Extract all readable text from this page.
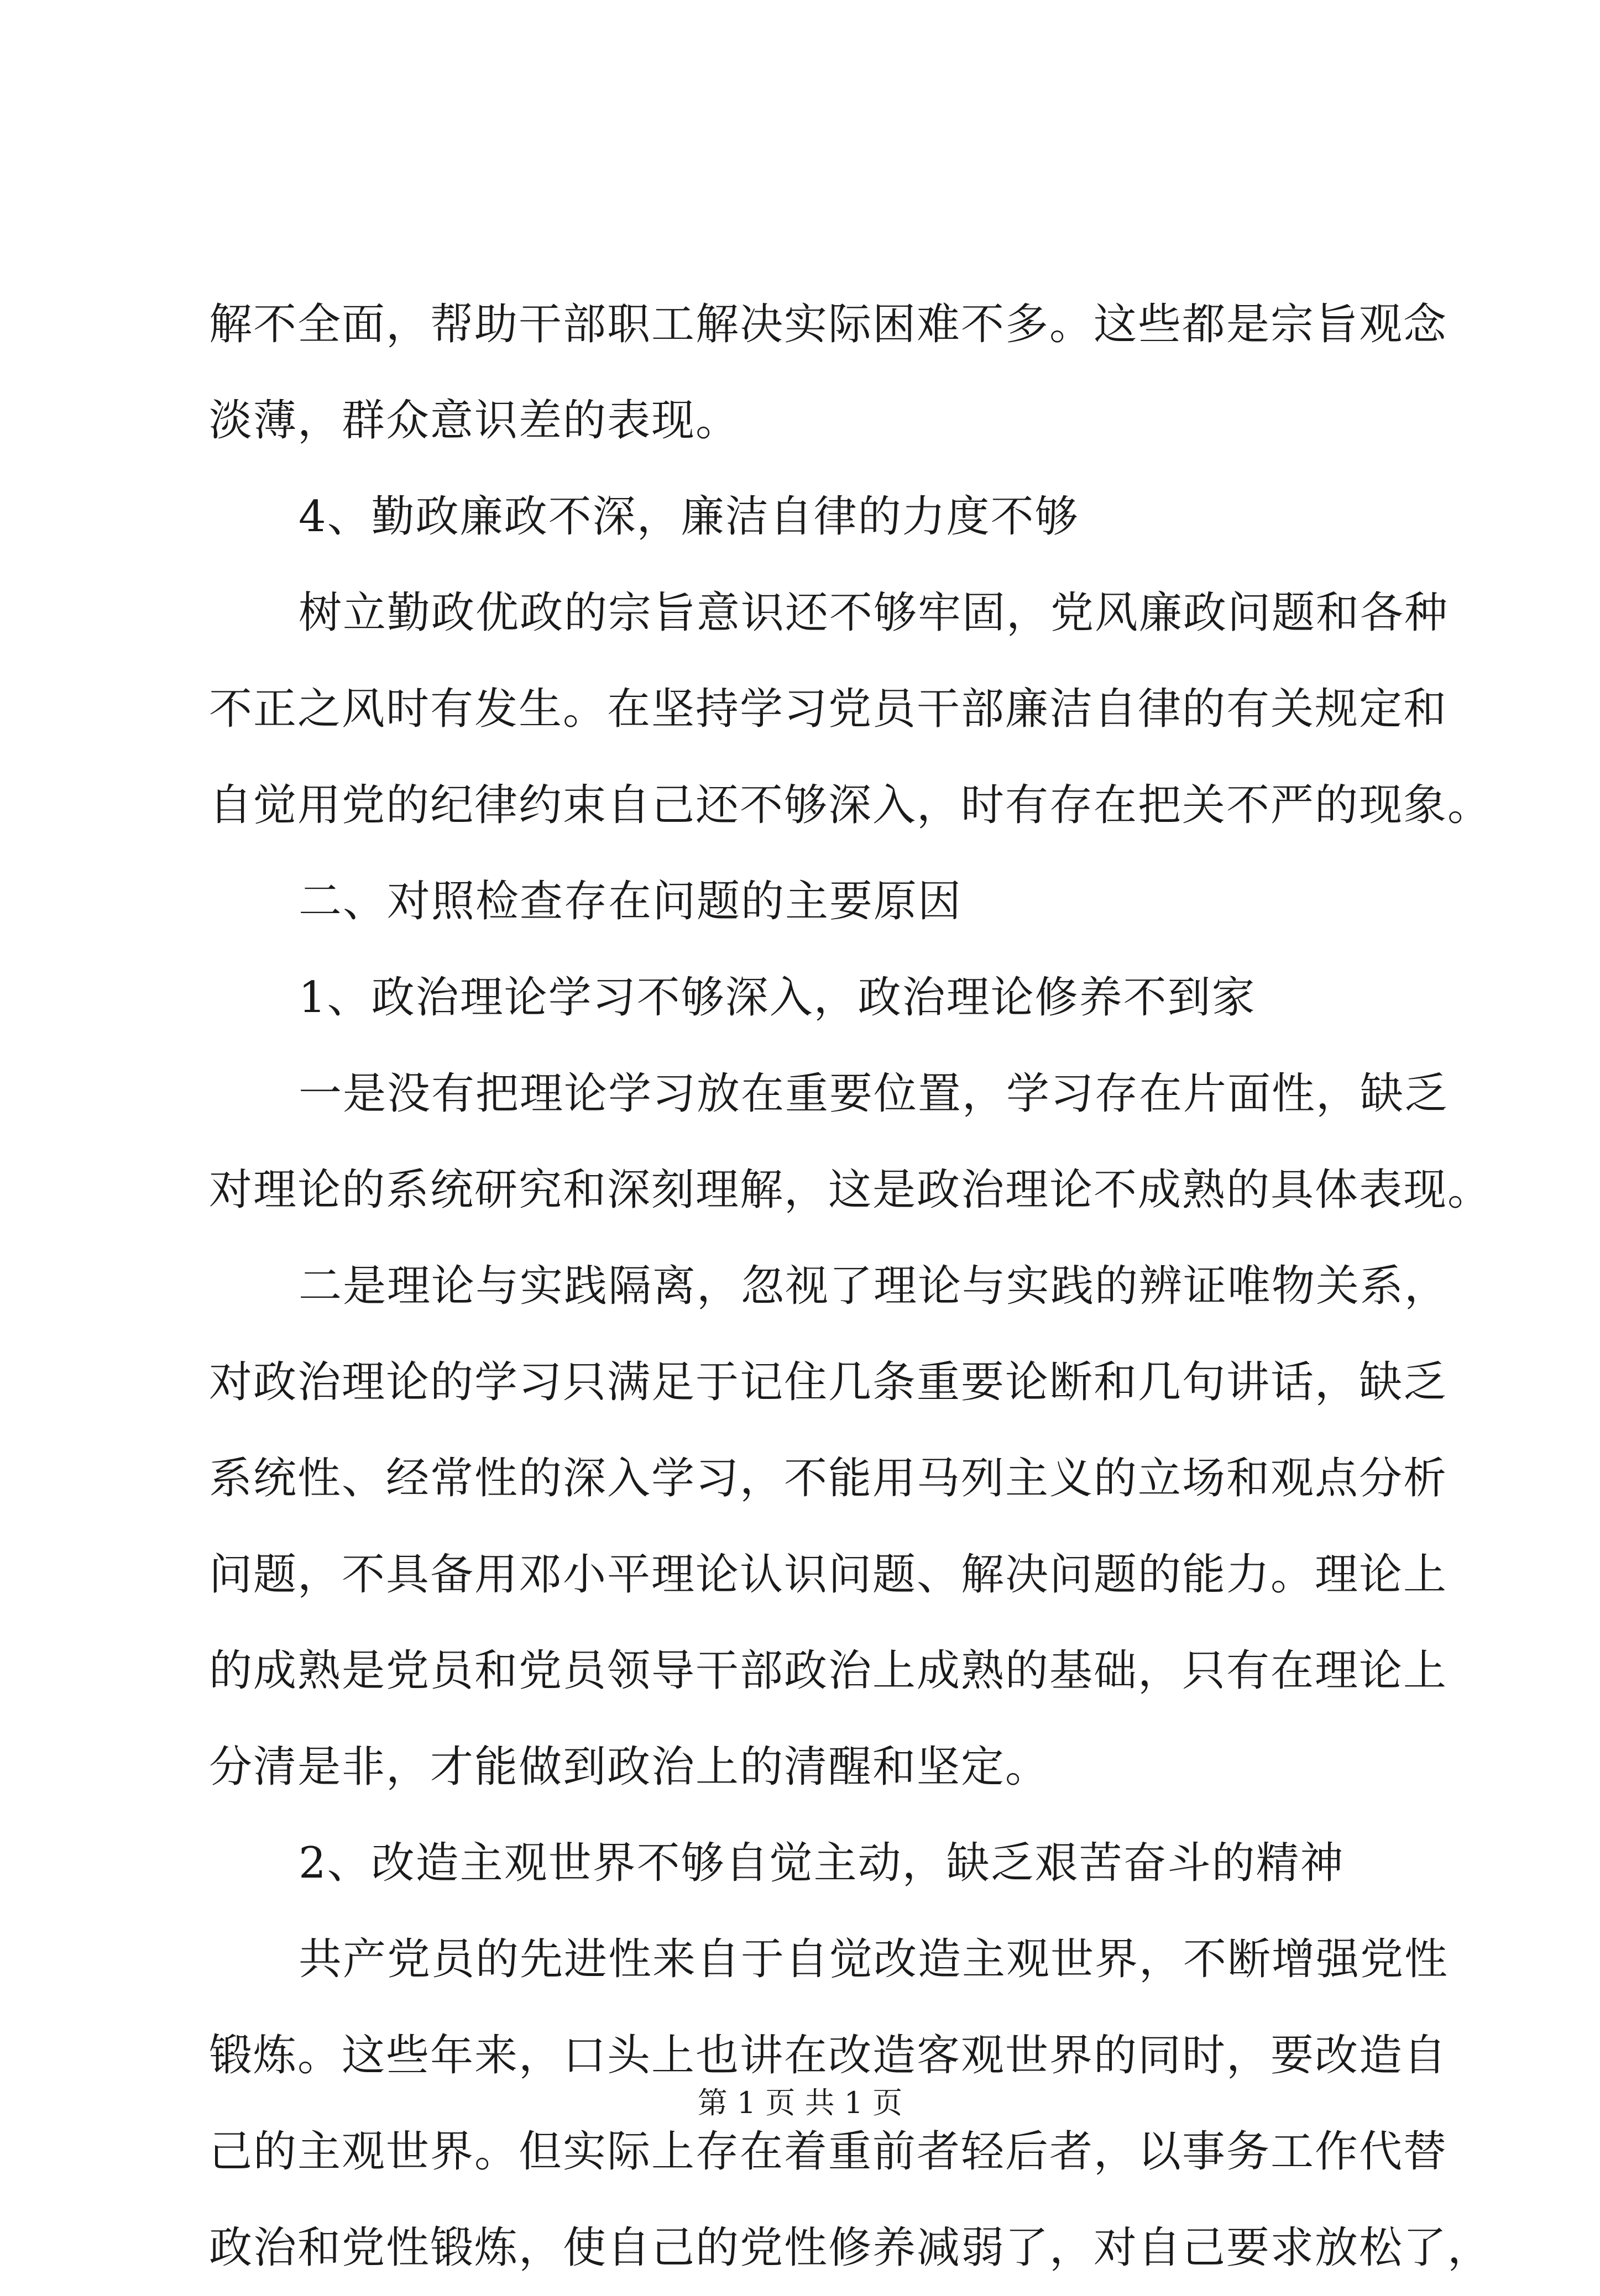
解不全面，帮助干部职工解决实际困难不多。这些都是宗旨观念
淡薄，群众意识差的表现。
4、勤政廉政不深，廉洁自律的力度不够
树立勤政优政的宗旨意识还不够牢固，党风廉政问题和各种
不正之风时有发生。在坚持学习党员干部廉洁自律的有关规定和
自觉用党的纪律约束自己还不够深入，时有存在把关不严的现象。
二、对照检查存在问题的主要原因
1、政治理论学习不够深入，政治理论修养不到家
一是没有把理论学习放在重要位置，学习存在片面性，缺乏
对理论的系统研究和深刻理解，这是政治理论不成熟的具体表现。
二是理论与实践隔离，忽视了理论与实践的辨证唯物关系，
对政治理论的学习只满足于记住几条重要论断和几句讲话，缺乏
系统性、经常性的深入学习，不能用马列主义的立场和观点分析
问题，不具备用邓小平理论认识问题、解决问题的能力。理论上
的成熟是党员和党员领导干部政治上成熟的基础，只有在理论上
分清是非，才能做到政治上的清醒和坚定。
2、改造主观世界不够自觉主动，缺乏艰苦奋斗的精神
共产党员的先进性来自于自觉改造主观世界，不断增强党性
锻炼。这些年来，口头上也讲在改造客观世界的同时，要改造自
己的主观世界。但实际上存在着重前者轻后者，以事务工作代替
政治和党性锻炼，使自己的党性修养减弱了，对自己要求放松了，
第 1 页 共 1 页
